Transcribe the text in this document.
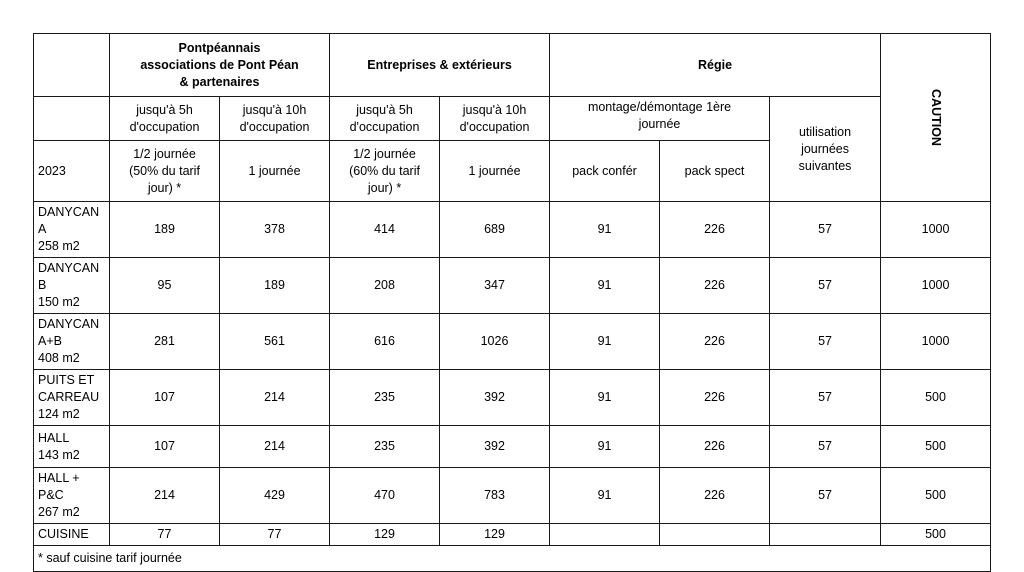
	Pontpéannais
associations de Pont Péan
& partenaires		Entreprises & extérieurs		Régie			CAUTION
	jusqu'à 5h
d'occupation	jusqu'à 10h
d'occupation	jusqu'à 5h
d'occupation	jusqu'à 10h
d'occupation	montage/démontage 1ère
journée		utilisation
journées
suivantes	
2023	1/2 journée
(50% du tarif
jour) *	1 journée	1/2 journée
(60% du tarif
jour) *	1 journée	pack confér	pack spect		

DANYCAN A
258 m2	189	378	414	689	91	226	57	1000

DANYCAN B
150 m2	95	189	208	347	91	226	57	1000

DANYCAN
A+B
408 m2	281	561	616	1026	91	226	57	1000

PUITS ET
CARREAU
124 m2	107	214	235	392	91	226	57	500

HALL
143 m2	107	214	235	392	91	226	57	500

HALL + P&C
267 m2	214	429	470	783	91	226	57	500

CUISINE	77	77	129	129				500
* sauf cuisine tarif journée								
